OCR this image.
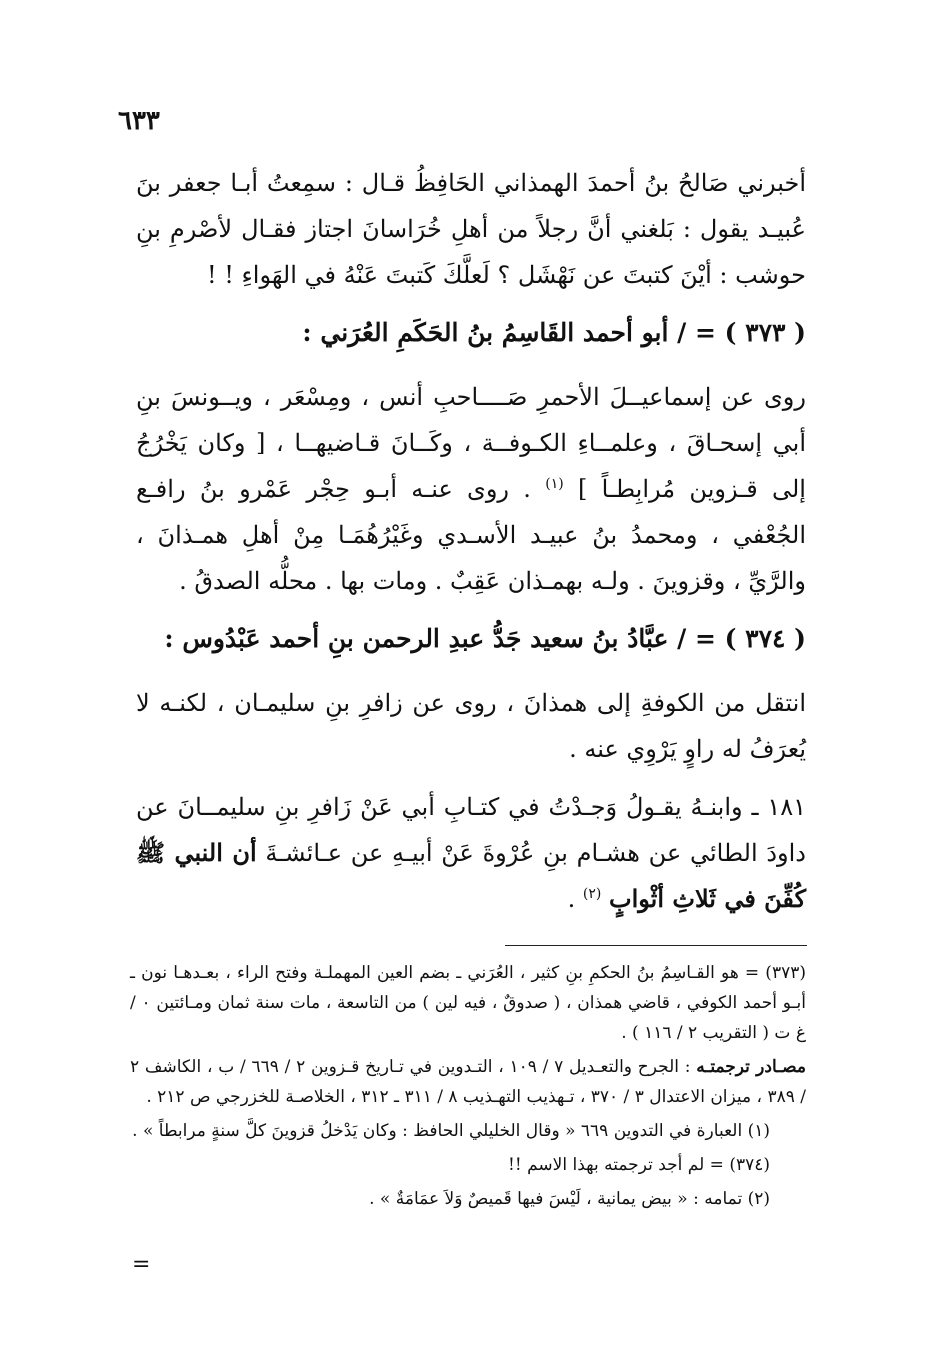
٦٣٣

أخبرني صَالحُ بنُ أحمدَ الهمذاني الحَافِظُ قـال : سمِعتُ أبـا جعفر بنَ عُبيـد يقول : بَلغني أنَّ رجلاً من أهلِ خُرَاسانَ اجتاز فقـال لأصْرمِ بنِ حوشب : أيْنَ كتبتَ عن نَهْشَل ؟ لَعلَّكَ كَتبتَ عَنْهُ في الهَواءِ ! !

( ٣٧٣ ) = / أبو أحمد القَاسِمُ بنُ الحَكَمِ العُرَني :

روى عن إسماعيــلَ الأحمرِ صَــــاحبِ أنس ، ومِسْعَر ، ويــونسَ بنِ أبي إسحـاقَ ، وعلمــاءِ الكـوفــة ، وكَــانَ قـاضيهــا ، [ وكان يَخْرُجُ إلى قـزوين مُرابِطـاً ] $^{(١)}$ . روى عنـه أبـو حِجْر عَمْرو بنُ رافـع الجُعْفي ، ومحمدُ بنُ عبيـد الأسـدي وغَيْرُهُمَـا مِنْ أهلِ همـذانَ ، والرَّيِّ ، وقزوينَ . ولـه بهمـذان عَقِبٌ . ومات بها . محلُّه الصدقُ .

( ٣٧٤ ) = / عبَّادُ بنُ سعيد جَدُّ عبدِ الرحمن بنِ أحمد عَبْدُوس :

انتقل من الكوفةِ إلى همذانَ ، روى عن زافرِ بنِ سليمـان ، لكنـه لا يُعرَفُ له راوٍ يَرْوِي عنه .

١٨١ ـ وابنـهُ يقـولُ وَجـدْتُ في كتـابِ أبي عَنْ زَافرِ بنِ سليمــانَ عن داودَ الطائي عن هشـام بنِ عُرْوةَ عَنْ أبيـهِ عن عـائشـةَ أن النبي ﷺ كُفِّنَ في ثَلاثِ أثْوابٍ $^{(٢)}$ .

(٣٧٣) = هو القـاسِمُ بنُ الحكمِ بنِ كثير ، العُرَني ـ بضم العين المهملـة وفتح الراء ، بعـدهـا نون ـ أبـو أحمد الكوفي ، قاضي همذان ، ( صدوقٌ ، فيه لين ) من التاسعة ، مات سنة ثمان ومـائتين ٠ / غ ت ( التقريب ٢ / ١١٦ ) .

مصـادر ترجمتـه : الجرح والتعـديل ٧ / ١٠٩ ، التـدوين في تـاريخ قـزوين ٢ / ٦٦٩ / ب ، الكاشف ٢ / ٣٨٩ ، ميزان الاعتدال ٣ / ٣٧٠ ، تـهذيب التهـذيب ٨ / ٣١١ ـ ٣١٢ ، الخلاصـة للخزرجي ص ٢١٢ .

(١) العبارة في التدوين ٦٦٩ « وقال الخليلي الحافظ : وكان يَدْخلُ قزوينَ كلَّ سنةٍ مرابطاً » .

(٣٧٤) = لم أجد ترجمته بهذا الاسم !!

(٢) تمامه : « بيض يمانية ، لَيْسَ فيها قَميصٌ وَلاَ عمَامَةٌ » .

=
